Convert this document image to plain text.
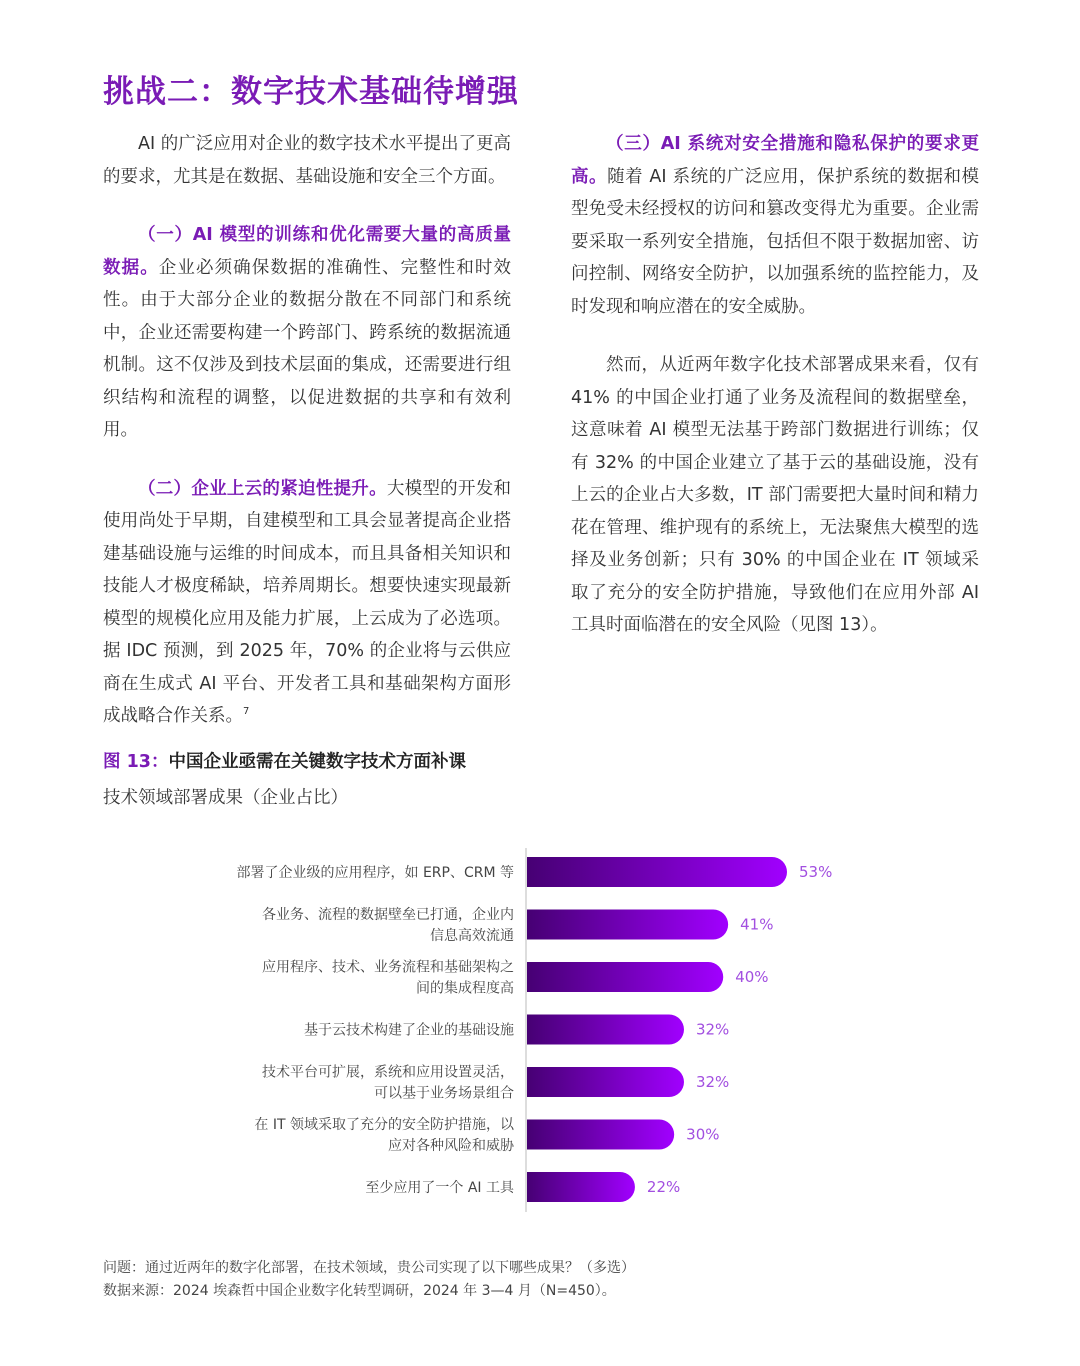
挑战二：数字技术基础待增强

AI 的广泛应用对企业的数字技术水平提出了更高的要求，尤其是在数据、基础设施和安全三个方面。

（一）AI 模型的训练和优化需要大量的高质量数据。企业必须确保数据的准确性、完整性和时效性。由于大部分企业的数据分散在不同部门和系统中，企业还需要构建一个跨部门、跨系统的数据流通机制。这不仅涉及到技术层面的集成，还需要进行组织结构和流程的调整，以促进数据的共享和有效利用。

（二）企业上云的紧迫性提升。大模型的开发和使用尚处于早期，自建模型和工具会显著提高企业搭建基础设施与运维的时间成本，而且具备相关知识和技能人才极度稀缺，培养周期长。想要快速实现最新模型的规模化应用及能力扩展，上云成为了必选项。据 IDC 预测，到 2025 年，70% 的企业将与云供应商在生成式 AI 平台、开发者工具和基础架构方面形成战略合作关系。$^7$

（三）AI 系统对安全措施和隐私保护的要求更高。随着 AI 系统的广泛应用，保护系统的数据和模型免受未经授权的访问和篡改变得尤为重要。企业需要采取一系列安全措施，包括但不限于数据加密、访问控制、网络安全防护，以加强系统的监控能力，及时发现和响应潜在的安全威胁。

然而，从近两年数字化技术部署成果来看，仅有 41% 的中国企业打通了业务及流程间的数据壁垒，这意味着 AI 模型无法基于跨部门数据进行训练；仅有 32% 的中国企业建立了基于云的基础设施，没有上云的企业占大多数，IT 部门需要把大量时间和精力花在管理、维护现有的系统上，无法聚焦大模型的选择及业务创新；只有 30% 的中国企业在 IT 领域采取了充分的安全防护措施，导致他们在应用外部 AI 工具时面临潜在的安全风险（见图 13）。

图 13：中国企业亟需在关键数字技术方面补课
技术领域部署成果（企业占比）
53%
部署了企业级的应用程序，如 ERP、CRM 等
41%
各业务、流程的数据壁垒已打通，企业内信息高效流通
40%
应用程序、技术、业务流程和基础架构之间的集成程度高
32%
基于云技术构建了企业的基础设施
32%
技术平台可扩展，系统和应用设置灵活，可以基于业务场景组合
30%
在 IT 领域采取了充分的安全防护措施，以应对各种风险和威胁
22%
至少应用了一个 AI 工具
问题：通过近两年的数字化部署，在技术领域，贵公司实现了以下哪些成果？（多选）
数据来源：2024 埃森哲中国企业数字化转型调研，2024 年 3—4 月（N=450）。
